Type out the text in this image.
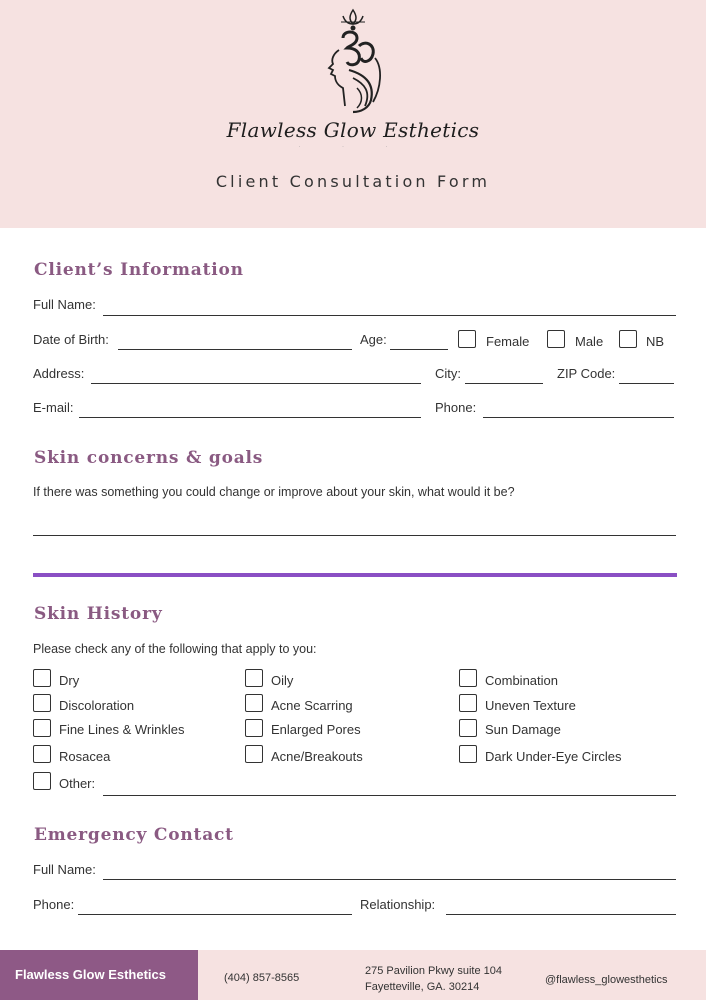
Flawless Glow Esthetics
· · ·
Client Consultation Form
Client’s Information
Full Name:
Date of Birth:	Age:	Female	Male	NB
Address:	City:	ZIP Code:
E-mail:	Phone:
Skin concerns & goals
If there was something you could change or improve about your skin, what would it be?
Skin History
Please check any of the following that apply to you:
Dry	Oily	Combination
Discoloration	Acne Scarring	Uneven Texture
Fine Lines & Wrinkles	Enlarged Pores	Sun Damage
Rosacea	Acne/Breakouts	Dark Under-Eye Circles
Other:
Emergency Contact
Full Name:
Phone:	Relationship:
Flawless Glow Esthetics	(404) 857-8565
275 Pavilion Pkwy suite 104
Fayetteville, GA. 30214
@flawless_glowesthetics
